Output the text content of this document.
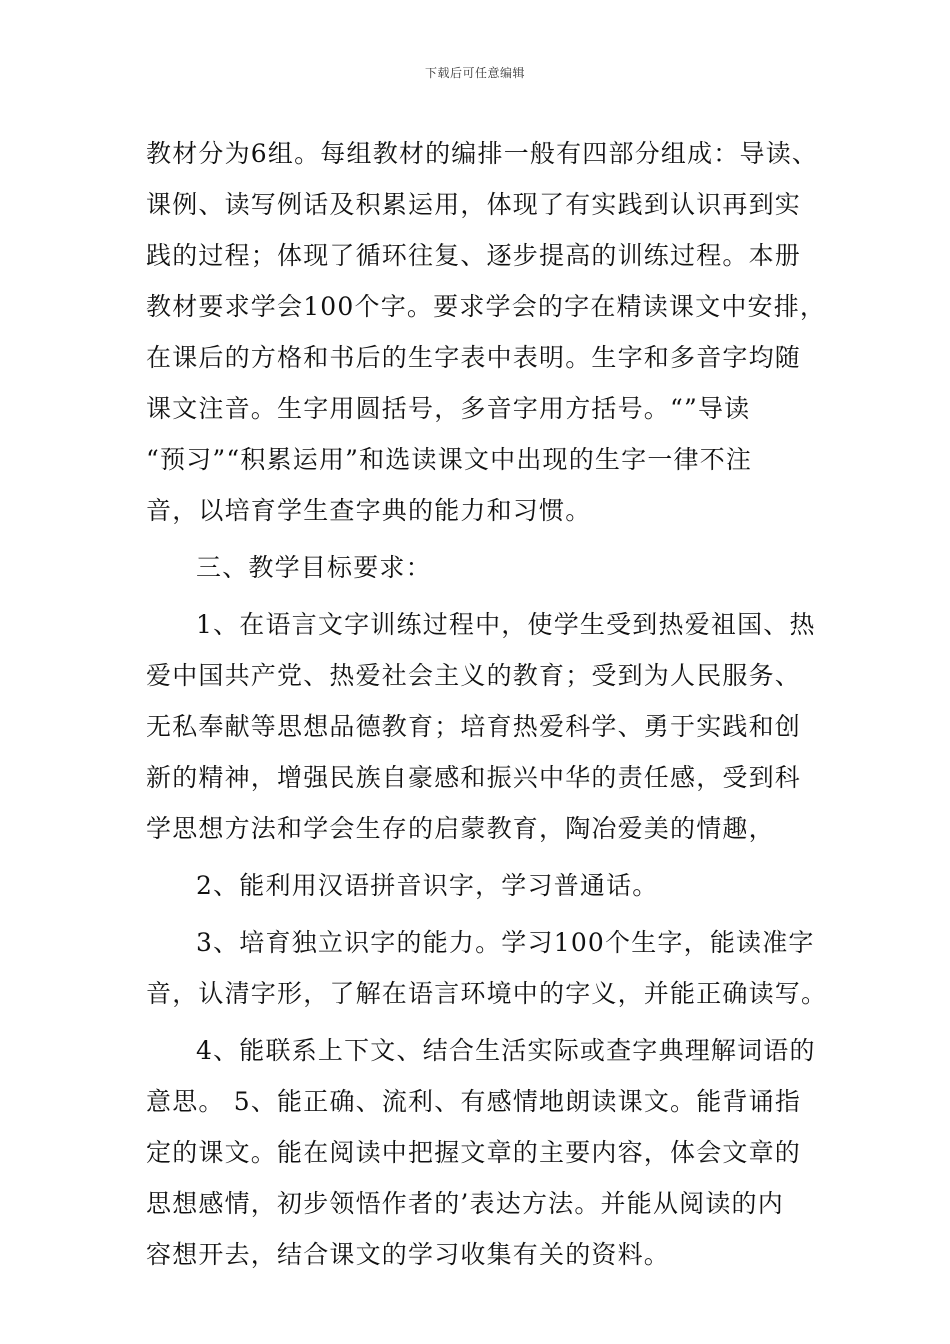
下载后可任意编辑
教材分为6组。每组教材的编排一般有四部分组成：导读、
课例、读写例话及积累运用，体现了有实践到认识再到实
践的过程；体现了循环往复、逐步提高的训练过程。本册
教材要求学会100个字。要求学会的字在精读课文中安排，
在课后的方格和书后的生字表中表明。生字和多音字均随
课文注音。生字用圆括号，多音字用方括号。“”导读
“预习”“积累运用”和选读课文中出现的生字一律不注
音，以培育学生查字典的能力和习惯。
三、教学目标要求：
1、在语言文字训练过程中，使学生受到热爱祖国、热
爱中国共产党、热爱社会主义的教育；受到为人民服务、
无私奉献等思想品德教育；培育热爱科学、勇于实践和创
新的精神，增强民族自豪感和振兴中华的责任感，受到科
学思想方法和学会生存的启蒙教育，陶冶爱美的情趣，
2、能利用汉语拼音识字，学习普通话。
3、培育独立识字的能力。学习100个生字，能读准字
音，认清字形，了解在语言环境中的字义，并能正确读写。
4、能联系上下文、结合生活实际或查字典理解词语的
意思。 5、能正确、流利、有感情地朗读课文。能背诵指
定的课文。能在阅读中把握文章的主要内容，体会文章的
思想感情，初步领悟作者的’表达方法。并能从阅读的内
容想开去，结合课文的学习收集有关的资料。
